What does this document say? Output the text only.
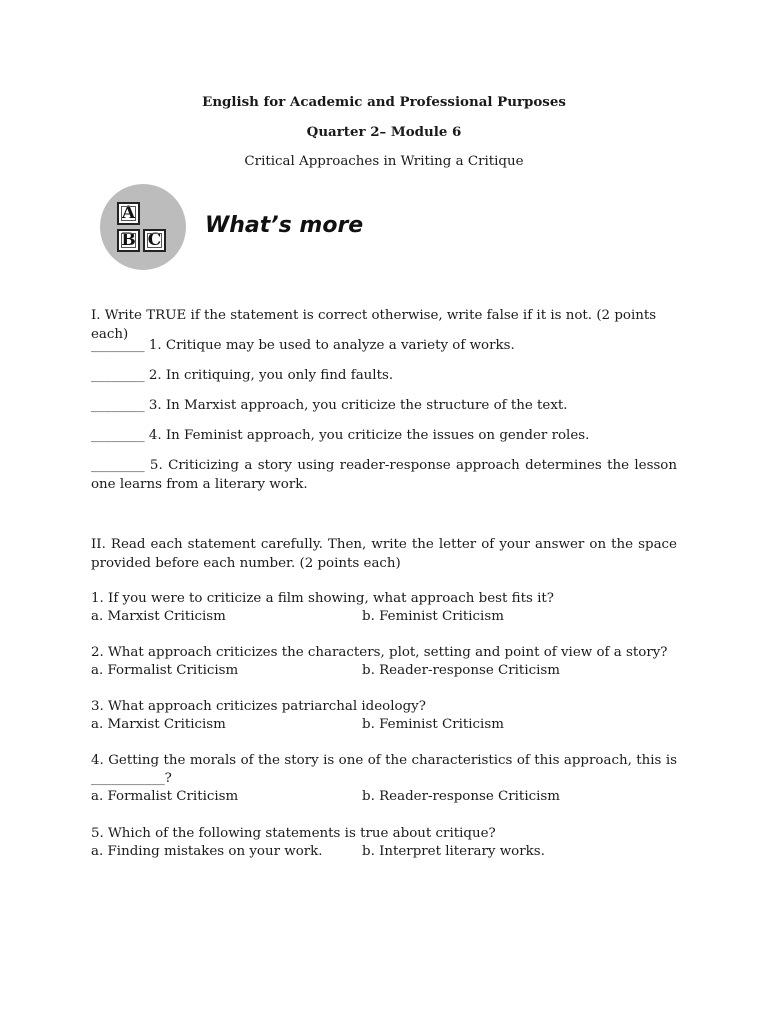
English for Academic and Professional Purposes
Quarter 2– Module 6
Critical Approaches in Writing a Critique
A
B C
What’s more
I. Write TRUE if the statement is correct otherwise, write false if it is not. (2 points each)
________ 1. Critique may be used to analyze a variety of works.
________ 2. In critiquing, you only find faults.
________ 3. In Marxist approach, you criticize the structure of the text.
________ 4. In Feminist approach, you criticize the issues on gender roles.
________ 5. Criticizing a story using reader-response approach determines the lesson one learns from a literary work.
II. Read each statement carefully. Then, write the letter of your answer on the space provided before each number. (2 points each)
1. If you were to criticize a film showing, what approach best fits it?
a. Marxist Criticism	b. Feminist Criticism
2. What approach criticizes the characters, plot, setting and point of view of a story?
a. Formalist Criticism	b. Reader-response Criticism
3. What approach criticizes patriarchal ideology?
a. Marxist Criticism	b. Feminist Criticism
4. Getting the morals of the story is one of the characteristics of this approach, this is ___________?
a. Formalist Criticism	b. Reader-response Criticism
5. Which of the following statements is true about critique?
a. Finding mistakes on your work.	b. Interpret literary works.
